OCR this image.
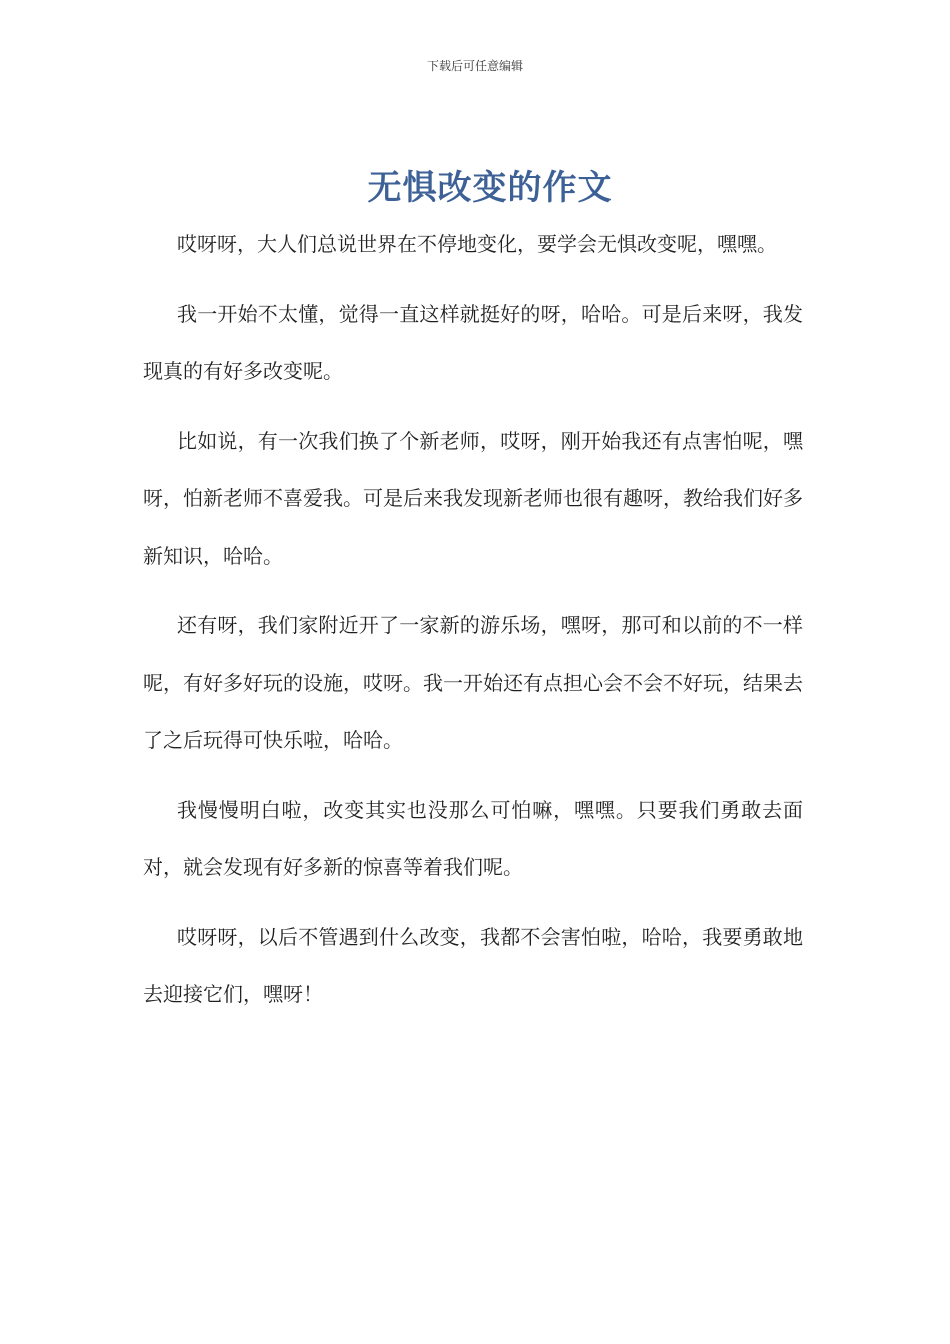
下载后可任意编辑
无惧改变的作文

哎呀呀，大人们总说世界在不停地变化，要学会无惧改变呢，嘿嘿。

我一开始不太懂，觉得一直这样就挺好的呀，哈哈。可是后来呀，我发现真的有好多改变呢。

比如说，有一次我们换了个新老师，哎呀，刚开始我还有点害怕呢，嘿呀，怕新老师不喜爱我。可是后来我发现新老师也很有趣呀，教给我们好多新知识，哈哈。

还有呀，我们家附近开了一家新的游乐场，嘿呀，那可和以前的不一样呢，有好多好玩的设施，哎呀。我一开始还有点担心会不会不好玩，结果去了之后玩得可快乐啦，哈哈。

我慢慢明白啦，改变其实也没那么可怕嘛，嘿嘿。只要我们勇敢去面对，就会发现有好多新的惊喜等着我们呢。

哎呀呀，以后不管遇到什么改变，我都不会害怕啦，哈哈，我要勇敢地去迎接它们，嘿呀！
